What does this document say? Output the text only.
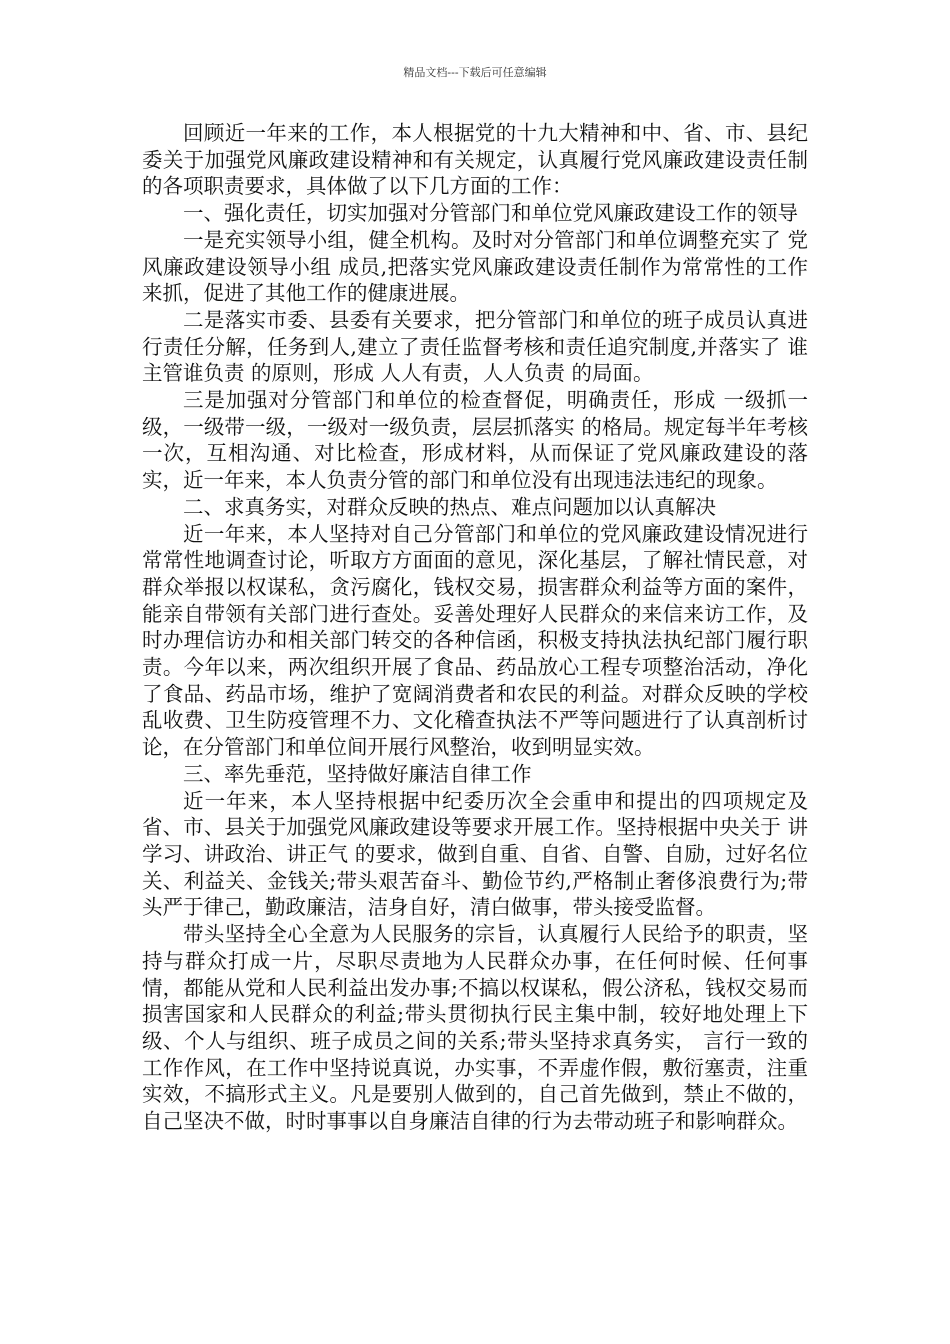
精品文档---下载后可任意编辑

回顾近一年来的工作，本人根据党的十九大精神和中、省、市、县纪委关于加强党风廉政建设精神和有关规定，认真履行党风廉政建设责任制的各项职责要求，具体做了以下几方面的工作：

一、强化责任，切实加强对分管部门和单位党风廉政建设工作的领导

一是充实领导小组，健全机构。及时对分管部门和单位调整充实了 党风廉政建设领导小组 成员,把落实党风廉政建设责任制作为常常性的工作来抓，促进了其他工作的健康进展。

二是落实市委、县委有关要求，把分管部门和单位的班子成员认真进行责任分解，任务到人,建立了责任监督考核和责任追究制度,并落实了 谁主管谁负责 的原则，形成 人人有责，人人负责 的局面。

三是加强对分管部门和单位的检查督促，明确责任，形成 一级抓一级，一级带一级，一级对一级负责，层层抓落实 的格局。规定每半年考核一次，互相沟通、对比检查，形成材料，从而保证了党风廉政建设的落实，近一年来，本人负责分管的部门和单位没有出现违法违纪的现象。

二、求真务实，对群众反映的热点、难点问题加以认真解决

近一年来，本人坚持对自己分管部门和单位的党风廉政建设情况进行常常性地调查讨论，听取方方面面的意见，深化基层，了解社情民意，对群众举报以权谋私，贪污腐化，钱权交易，损害群众利益等方面的案件，能亲自带领有关部门进行查处。妥善处理好人民群众的来信来访工作，及时办理信访办和相关部门转交的各种信函，积极支持执法执纪部门履行职责。今年以来，两次组织开展了食品、药品放心工程专项整治活动，净化了食品、药品市场，维护了宽阔消费者和农民的利益。对群众反映的学校乱收费、卫生防疫管理不力、文化稽查执法不严等问题进行了认真剖析讨论，在分管部门和单位间开展行风整治，收到明显实效。

三、率先垂范，坚持做好廉洁自律工作

近一年来，本人坚持根据中纪委历次全会重申和提出的四项规定及省、市、县关于加强党风廉政建设等要求开展工作。坚持根据中央关于 讲学习、讲政治、讲正气 的要求，做到自重、自省、自警、自励，过好名位关、利益关、金钱关;带头艰苦奋斗、勤俭节约,严格制止奢侈浪费行为;带头严于律己，勤政廉洁，洁身自好，清白做事，带头接受监督。

带头坚持全心全意为人民服务的宗旨，认真履行人民给予的职责，坚持与群众打成一片，尽职尽责地为人民群众办事，在任何时候、任何事情，都能从党和人民利益出发办事;不搞以权谋私，假公济私，钱权交易而损害国家和人民群众的利益;带头贯彻执行民主集中制，较好地处理上下级、个人与组织、班子成员之间的关系;带头坚持求真务实， 言行一致的工作作风，在工作中坚持说真说，办实事，不弄虚作假，敷衍塞责，注重实效，不搞形式主义。凡是要别人做到的，自己首先做到，禁止不做的，自己坚决不做，时时事事以自身廉洁自律的行为去带动班子和影响群众。
